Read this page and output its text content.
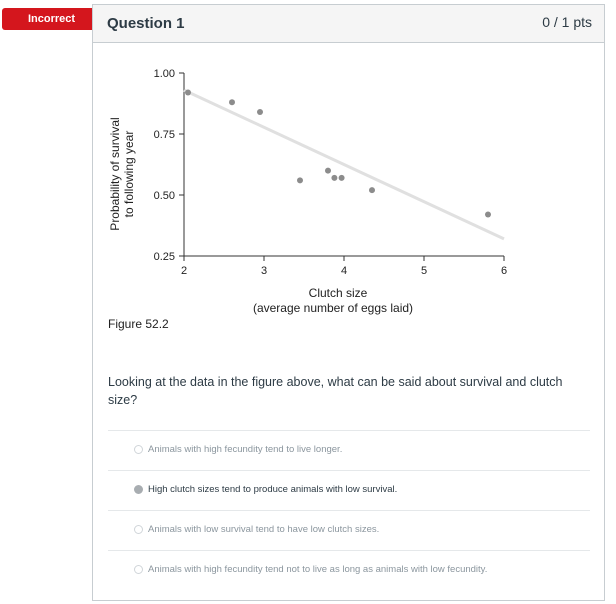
Incorrect	Question 1	0 / 1 pts
Probability of survival to following year
0.25
0.50
0.75
1.00
2	3	4	5	6
Clutch size
(average number of eggs laid)
Figure 52.2
Looking at the data in the figure above, what can be said about survival and clutch size?
Animals with high fecundity tend to live longer.
High clutch sizes tend to produce animals with low survival.
Animals with low survival tend to have low clutch sizes.
Animals with high fecundity tend not to live as long as animals with low fecundity.
